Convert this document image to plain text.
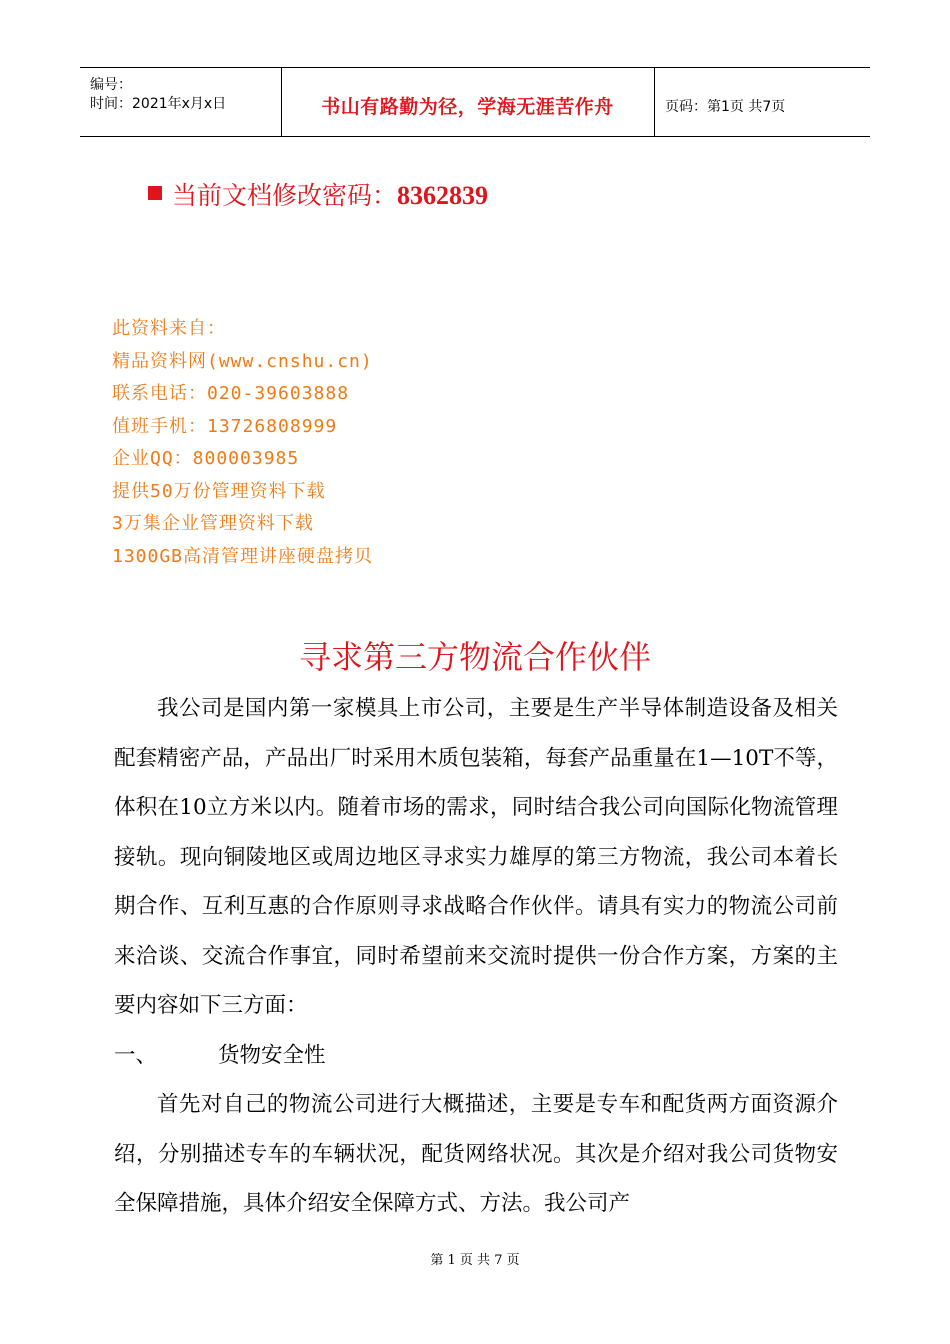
编号：
时间：2021年x月x日	书山有路勤为径，学海无涯苦作舟	页码：第1页 共7页
当前文档修改密码：8362839
此资料来自：
精品资料网(www.cnshu.cn)
联系电话：020-39603888
值班手机：13726808999
企业QQ：800003985
提供50万份管理资料下载
3万集企业管理资料下载
1300GB高清管理讲座硬盘拷贝
寻求第三方物流合作伙伴

我公司是国内第一家模具上市公司，主要是生产半导体制造设备及相关配套精密产品，产品出厂时采用木质包装箱，每套产品重量在1—10T不等，体积在10立方米以内。随着市场的需求，同时结合我公司向国际化物流管理接轨。现向铜陵地区或周边地区寻求实力雄厚的第三方物流，我公司本着长期合作、互利互惠的合作原则寻求战略合作伙伴。请具有实力的物流公司前来洽谈、交流合作事宜，同时希望前来交流时提供一份合作方案，方案的主要内容如下三方面：

一、	货物安全性

首先对自己的物流公司进行大概描述，主要是专车和配货两方面资源介绍，分别描述专车的车辆状况，配货网络状况。其次是介绍对我公司货物安全保障措施，具体介绍安全保障方式、方法。我公司产

第 1 页 共 7 页
